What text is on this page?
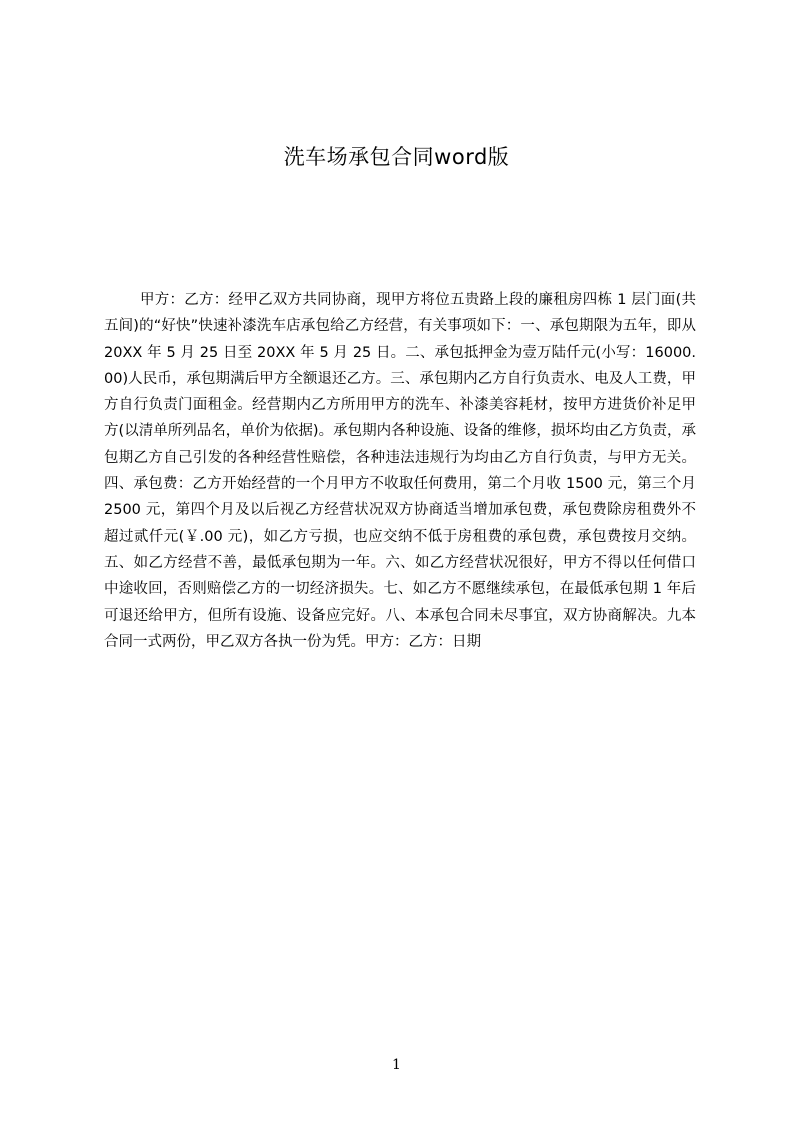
洗车场承包合同word版

甲方：乙方：经甲乙双方共同协商，现甲方将位五贵路上段的廉租房四栋 1 层门面(共五间)的“好快”快速补漆洗车店承包给乙方经营，有关事项如下：一、承包期限为五年，即从 20XX 年 5 月 25 日至 20XX 年 5 月 25 日。二、承包抵押金为壹万陆仟元(小写：16000.00)人民币，承包期满后甲方全额退还乙方。三、承包期内乙方自行负责水、电及人工费，甲方自行负责门面租金。经营期内乙方所用甲方的洗车、补漆美容耗材，按甲方进货价补足甲方(以清单所列品名，单价为依据)。承包期内各种设施、设备的维修，损坏均由乙方负责，承包期乙方自己引发的各种经营性赔偿，各种违法违规行为均由乙方自行负责，与甲方无关。四、承包费：乙方开始经营的一个月甲方不收取任何费用，第二个月收 1500 元，第三个月 2500 元，第四个月及以后视乙方经营状况双方协商适当增加承包费，承包费除房租费外不超过贰仟元(￥.00 元)，如乙方亏损，也应交纳不低于房租费的承包费，承包费按月交纳。五、如乙方经营不善，最低承包期为一年。六、如乙方经营状况很好，甲方不得以任何借口中途收回，否则赔偿乙方的一切经济损失。七、如乙方不愿继续承包，在最低承包期 1 年后可退还给甲方，但所有设施、设备应完好。八、本承包合同未尽事宜，双方协商解决。九本合同一式两份，甲乙双方各执一份为凭。甲方：乙方：日期

1
